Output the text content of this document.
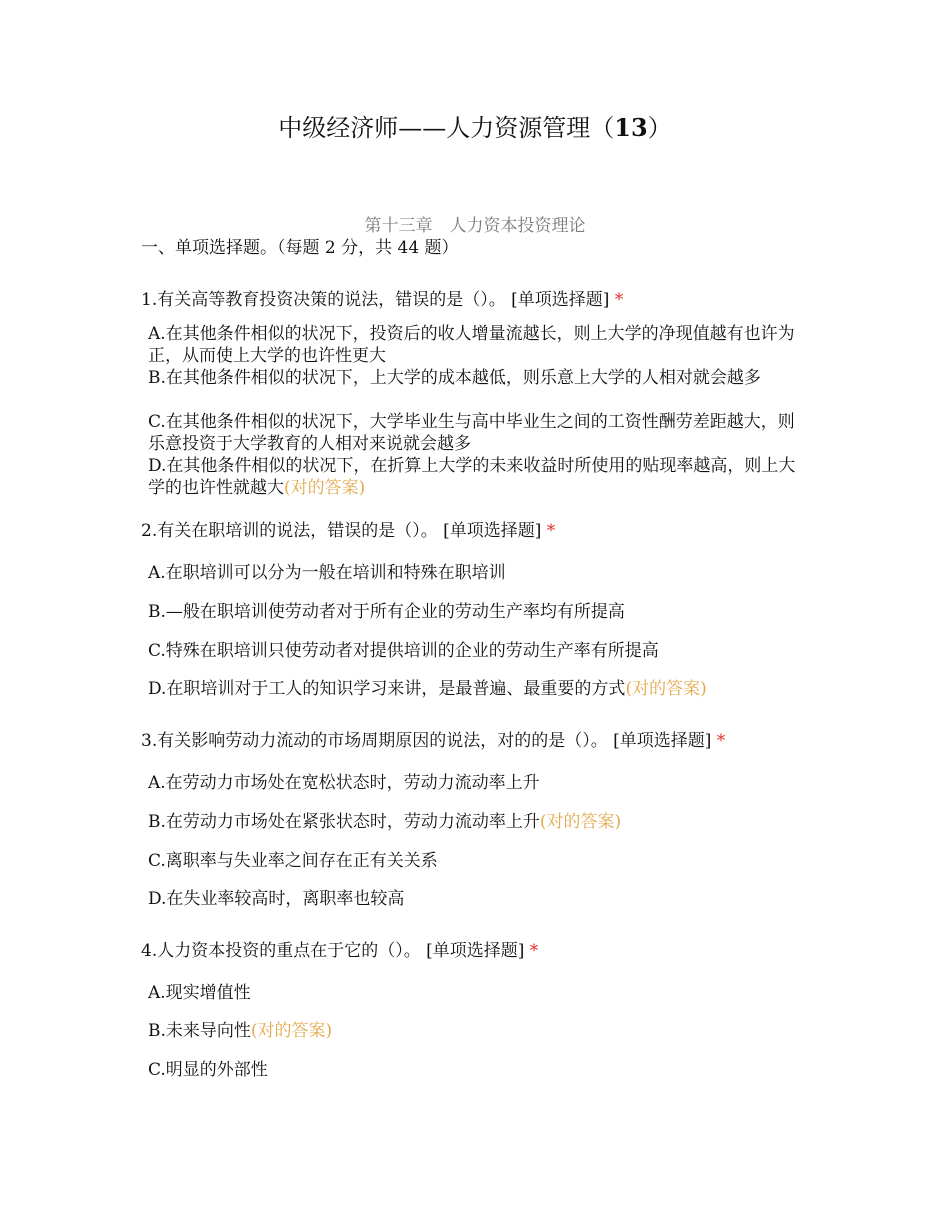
中级经济师——人力资源管理（13）
第十三章　人力资本投资理论
一、单项选择题。（每题 2 分，共 44 题）
1.有关高等教育投资决策的说法，错误的是（）。 [单项选择题] *
A.在其他条件相似的状况下，投资后的收人增量流越长，则上大学的净现值越有也许为正，从而使上大学的也许性更大
B.在其他条件相似的状况下，上大学的成本越低，则乐意上大学的人相对就会越多
C.在其他条件相似的状况下，大学毕业生与高中毕业生之间的工资性酬劳差距越大，则乐意投资于大学教育的人相对来说就会越多
D.在其他条件相似的状况下，在折算上大学的未来收益时所使用的贴现率越高，则上大学的也许性就越大(对的答案)
2.有关在职培训的说法，错误的是（）。 [单项选择题] *
A.在职培训可以分为一般在培训和特殊在职培训
B.—般在职培训使劳动者对于所有企业的劳动生产率均有所提高
C.特殊在职培训只使劳动者对提供培训的企业的劳动生产率有所提高
D.在职培训对于工人的知识学习来讲，是最普遍、最重要的方式(对的答案)
3.有关影响劳动力流动的市场周期原因的说法，对的的是（）。 [单项选择题] *
A.在劳动力市场处在宽松状态时，劳动力流动率上升
B.在劳动力市场处在紧张状态时，劳动力流动率上升(对的答案)
C.离职率与失业率之间存在正有关关系
D.在失业率较高时，离职率也较高
4.人力资本投资的重点在于它的（）。 [单项选择题] *
A.现实增值性
B.未来导向性(对的答案)
C.明显的外部性
